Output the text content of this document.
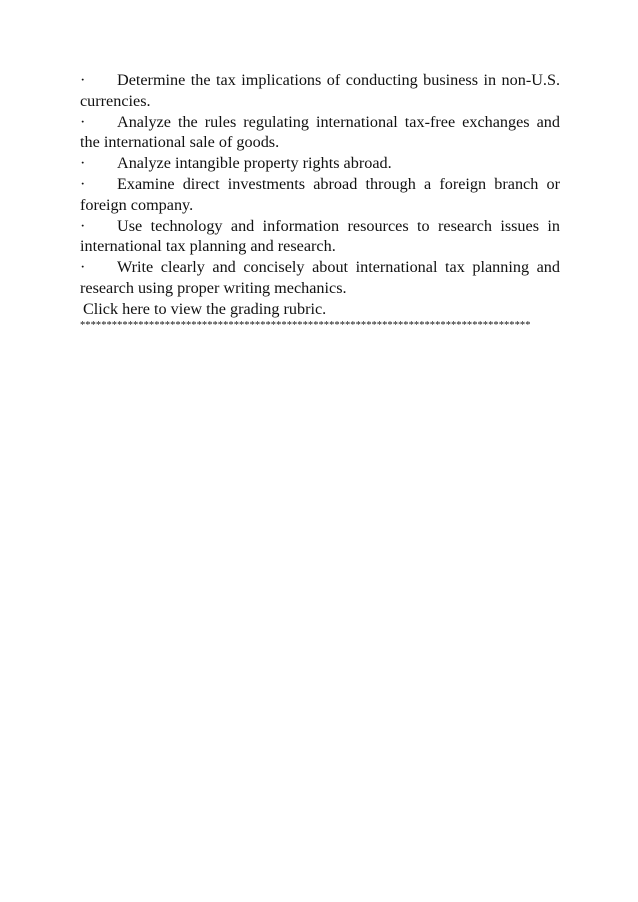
· Determine the tax implications of conducting business in non-U.S. currencies.

· Analyze the rules regulating international tax-free exchanges and the international sale of goods.

· Analyze intangible property rights abroad.

· Examine direct investments abroad through a foreign branch or foreign company.

· Use technology and information resources to research issues in international tax planning and research.

· Write clearly and concisely about international tax planning and research using proper writing mechanics.

Click here to view the grading rubric.

*************************************************************************************
